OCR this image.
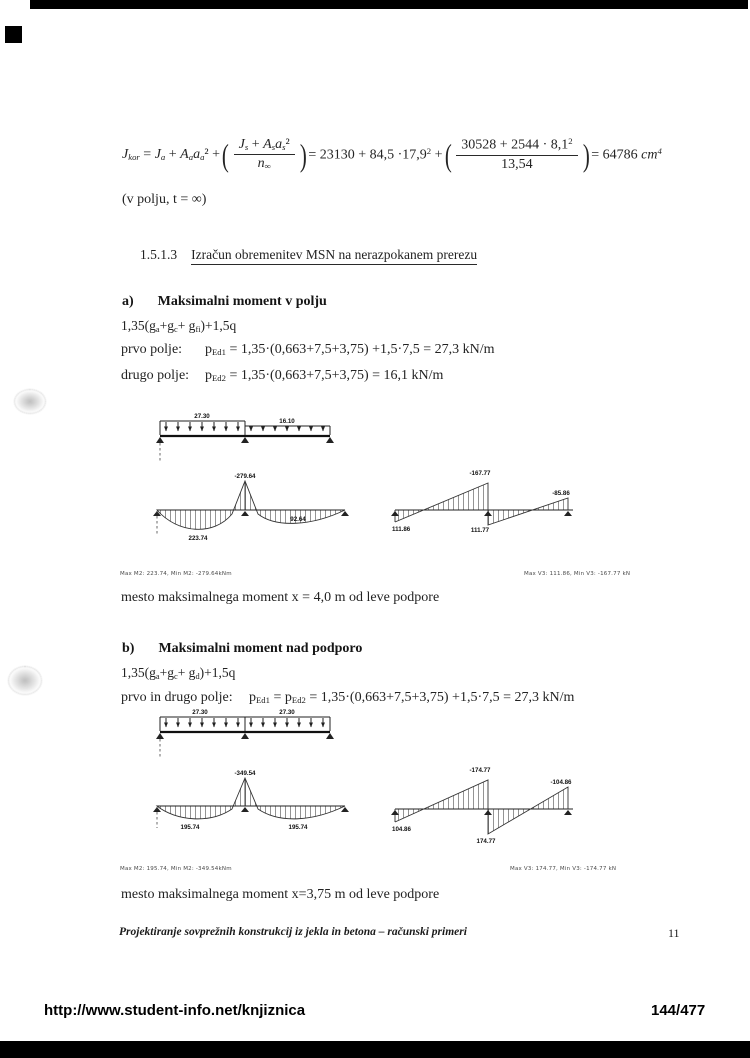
$J_{kor} = J_a + A_aa_a^2$ + ( $\frac{J_s + A_sa_s^2}{n_\infty}$ ) = $23130 + 84,5 \cdot 17,9^2$ + ( $\frac{30528 + 2544 \cdot 8,1^2}{13,54}$ ) = 64786 $cm^4$
(v polju, t = ∞)
1.5.1.3 Izračun obremenitev MSN na nerazpokanem prerezu
a) Maksimalni moment v polju
$1,35(g_a+g_c+ g_{fi})+1,5q$
prvo polje:	$p_{Ed1} = 1,35\cdot(0,663+7,5+3,75) +1,5\cdot 7,5 = 27,3$ kN/m
drugo polje:	$p_{Ed2} = 1,35\cdot(0,663+7,5+3,75) = 16,1$ kN/m
27.30
16.10
-279.64
223.74
92.64
-167.77
111.86	111.77
-85.86
Max M2: 223.74, Min M2: -279.64kNm	Max V3: 111.86, Min V3: -167.77 kN
mesto maksimalnega moment x = 4,0 m od leve podpore
b) Maksimalni moment nad podporo
$1,35(g_a+g_c+ g_d)+1,5q$
prvo in drugo polje:	$p_{Ed1} = p_{Ed2} = 1,35\cdot(0,663+7,5+3,75) +1,5\cdot 7,5 = 27,3$ kN/m
27.30	27.30
-349.54
195.74	195.74
-174.77
104.86
174.77
-104.86
Max M2: 195.74, Min M2: -349.54kNm	Max V3: 174.77, Min V3: -174.77 kN
mesto maksimalnega moment x=3,75 m od leve podpore
Projektiranje sovprežnih konstrukcij iz jekla in betona – računski primeri	11
http://www.student-info.net/knjiznica	144/477
